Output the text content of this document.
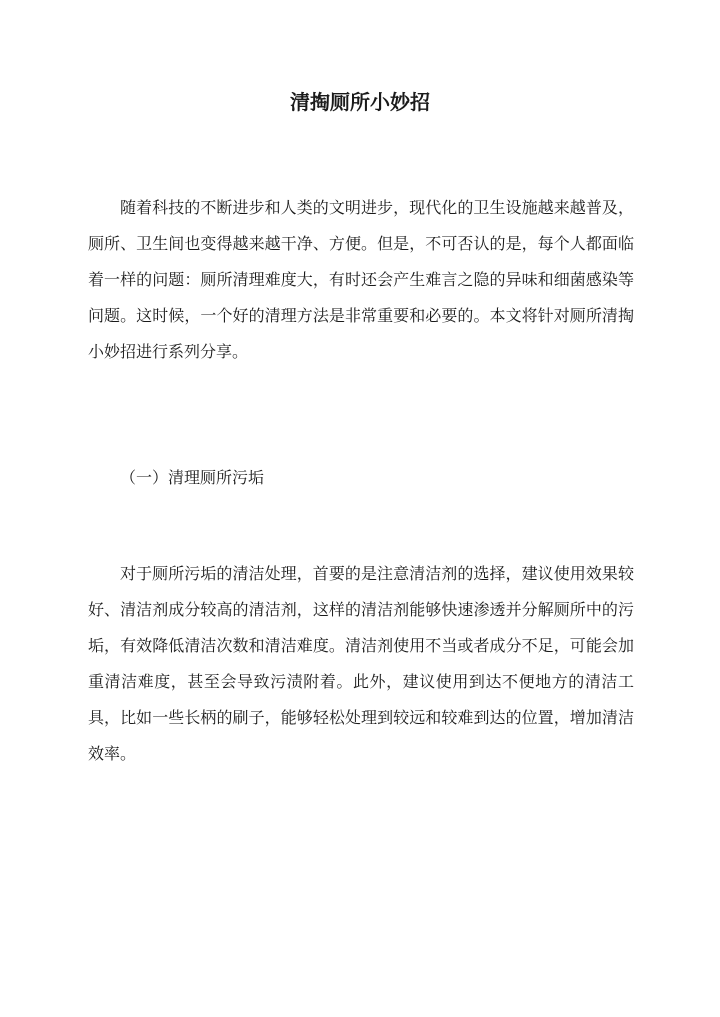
清掏厕所小妙招

随着科技的不断进步和人类的文明进步，现代化的卫生设施越来越普及，厕所、卫生间也变得越来越干净、方便。但是，不可否认的是，每个人都面临着一样的问题：厕所清理难度大，有时还会产生难言之隐的异味和细菌感染等问题。这时候，一个好的清理方法是非常重要和必要的。本文将针对厕所清掏小妙招进行系列分享。

（一）清理厕所污垢

对于厕所污垢的清洁处理，首要的是注意清洁剂的选择，建议使用效果较好、清洁剂成分较高的清洁剂，这样的清洁剂能够快速渗透并分解厕所中的污垢，有效降低清洁次数和清洁难度。清洁剂使用不当或者成分不足，可能会加重清洁难度，甚至会导致污渍附着。此外，建议使用到达不便地方的清洁工具，比如一些长柄的刷子，能够轻松处理到较远和较难到达的位置，增加清洁效率。
